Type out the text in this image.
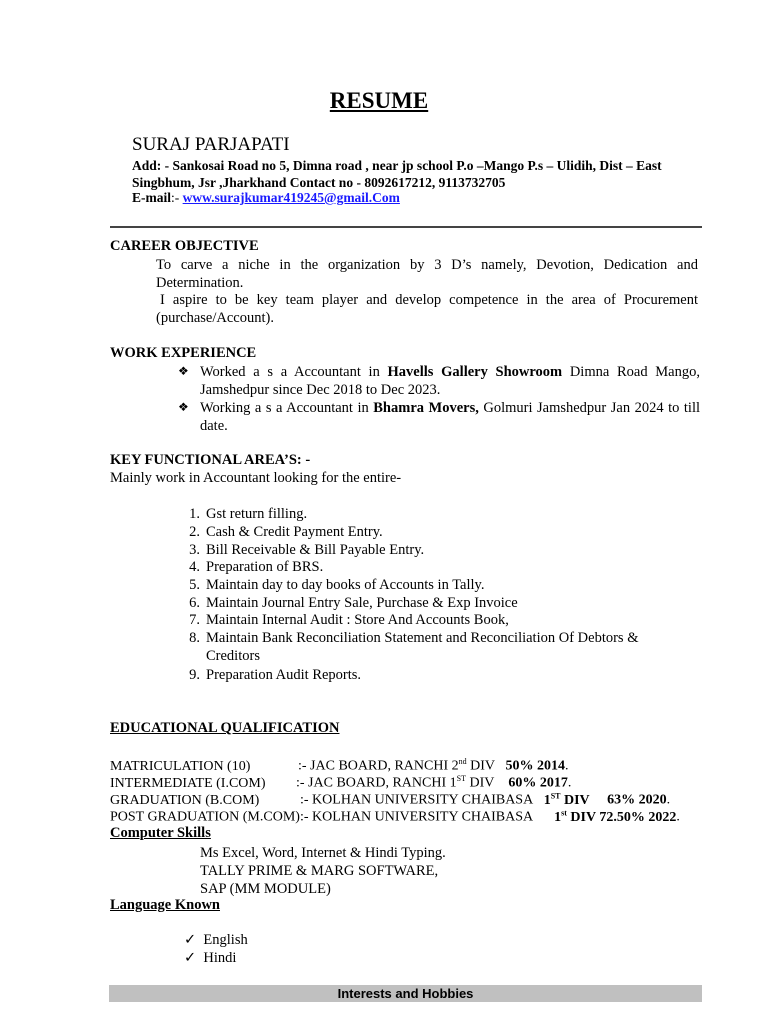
RESUME
SURAJ PARJAPATI
Add: - Sankosai Road no 5, Dimna road , near jp school P.o –Mango P.s – Ulidih, Dist – East
Singbhum, Jsr ,Jharkhand Contact no - 8092617212, 9113732705
E-mail:- www.surajkumar419245@gmail.Com
CAREER OBJECTIVE
To carve a niche in the organization by 3 D’s namely, Devotion, Dedication and Determination.
I aspire to be key team player and develop competence in the area of Procurement (purchase/Account).
WORK EXPERIENCE
❖ Worked a s a Accountant in Havells Gallery Showroom Dimna Road Mango, Jamshedpur since Dec 2018 to Dec 2023.
❖ Working a s a Accountant in Bhamra Movers, Golmuri Jamshedpur Jan 2024 to till date.
KEY FUNCTIONAL AREA’S: -
Mainly work in Accountant looking for the entire-
1. Gst return filling.
2. Cash & Credit Payment Entry.
3. Bill Receivable & Bill Payable Entry.
4. Preparation of BRS.
5. Maintain day to day books of Accounts in Tally.
6. Maintain Journal Entry Sale, Purchase & Exp Invoice
7. Maintain Internal Audit : Store And Accounts Book,
8. Maintain Bank Reconciliation Statement and Reconciliation Of Debtors & Creditors
9. Preparation Audit Reports.
EDUCATIONAL QUALIFICATION
MATRICULATION (10)	:- JAC BOARD, RANCHI 2nd DIV 50% 2014.
INTERMEDIATE (I.COM) :- JAC BOARD, RANCHI 1ST DIV 60% 2017.
GRADUATION (B.COM)	:- KOLHAN UNIVERSITY CHAIBASA 1ST DIV 63% 2020.
POST GRADUATION (M.COM):- KOLHAN UNIVERSITY CHAIBASA 1st DIV 72.50% 2022.
Computer Skills
Ms Excel, Word, Internet & Hindi Typing.
TALLY PRIME & MARG SOFTWARE,
SAP (MM MODULE)
Language Known
✓ English
✓ Hindi
Interests and Hobbies
